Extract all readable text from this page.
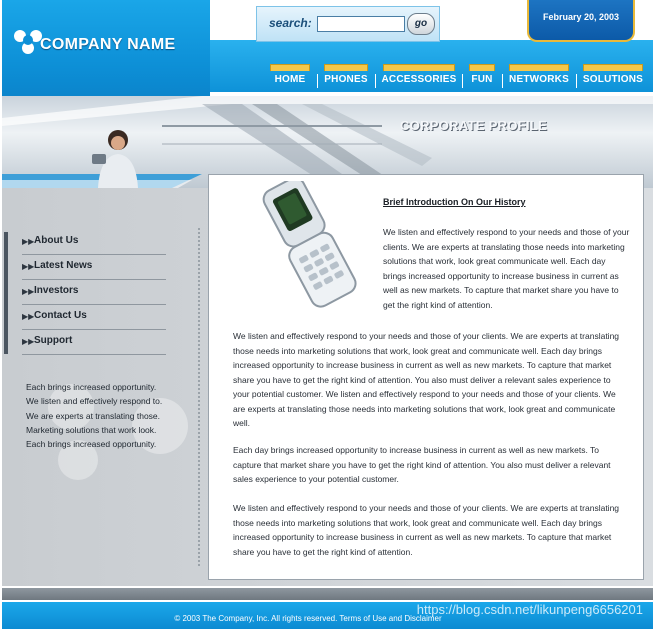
COMPANY NAME
search:	go
February 20, 2003
HOME	PHONES ACCESSORIES	FUN	NETWORKS SOLUTIONS
CORPORATE PROFILE
▶▶ About Us
▶▶ Latest News
▶▶ Investors
▶▶ Contact Us
▶▶ Support
Each brings increased opportunity.
We listen and effectively respond to.
We are experts at translating those.
Marketing solutions that work look.
Each brings increased opportunity.
Brief Introduction On Our History
We listen and effectively respond to your needs and those of your clients. We are experts at translating those needs into marketing solutions that work, look great communicate well. Each day brings increased opportunity to increase business in current as well as new markets. To capture that market share you have to get the right kind of attention.
We listen and effectively respond to your needs and those of your clients. We are experts at translating those needs into marketing solutions that work, look great and communicate well. Each day brings increased opportunity to increase business in current as well as new markets. To capture that market share you have to get the right kind of attention. You also must deliver a relevant sales experience to your potential customer. We listen and effectively respond to your needs and those of your clients. We are experts at translating those needs into marketing solutions that work, look great and communicate well.
Each day brings increased opportunity to increase business in current as well as new markets. To capture that market share you have to get the right kind of attention. You also must deliver a relevant sales experience to your potential customer.
We listen and effectively respond to your needs and those of your clients. We are experts at translating those needs into marketing solutions that work, look great and communicate well. Each day brings increased opportunity to increase business in current as well as new markets. To capture that market share you have to get the right kind of attention.
© 2003 The Company, Inc. All rights reserved. Terms of Use and Disclaimer
https://blog.csdn.net/likunpeng6656201
